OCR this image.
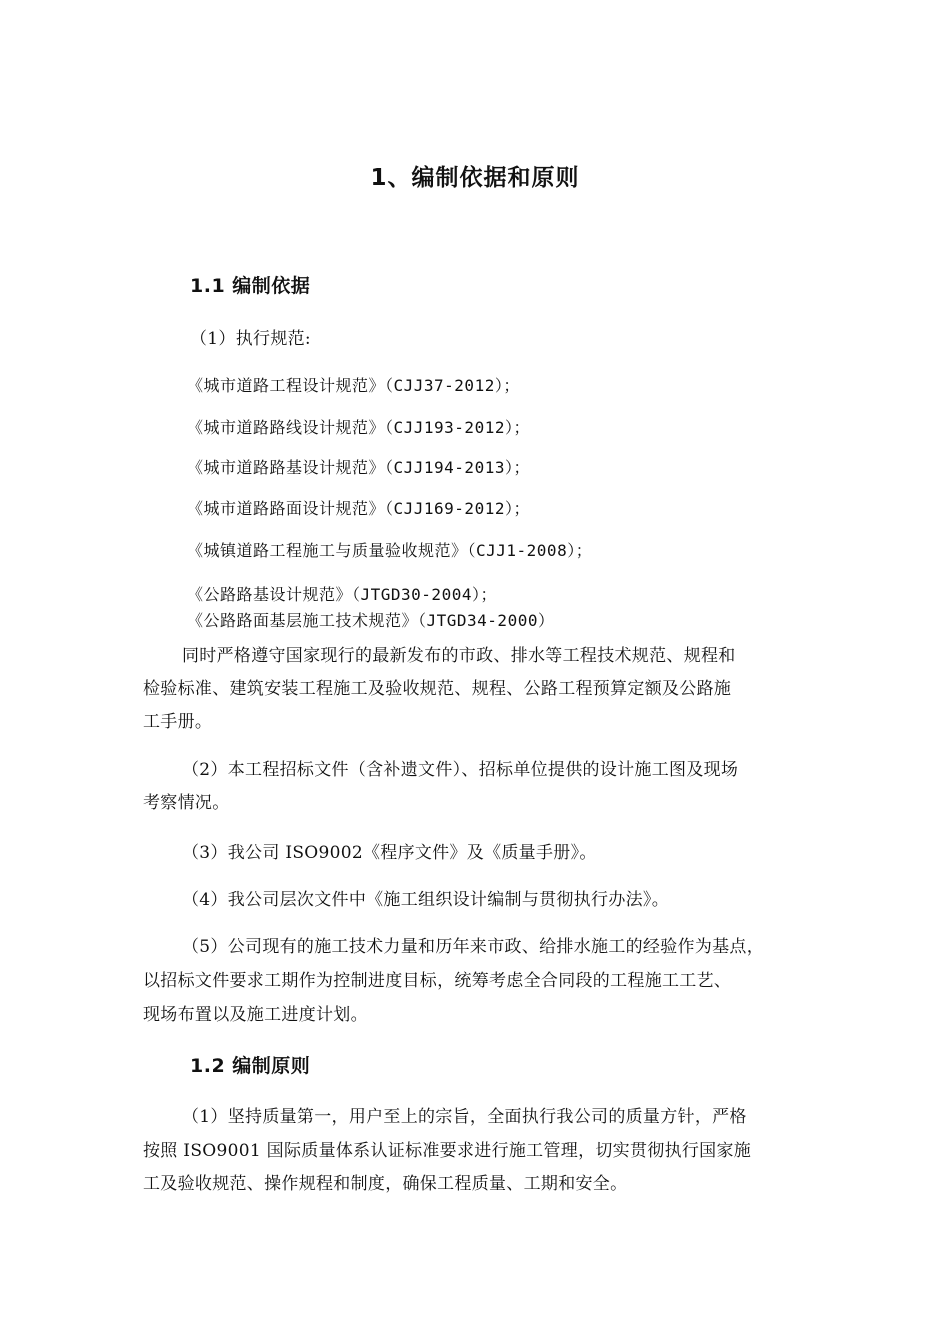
1、编制依据和原则
1.1 编制依据
（1）执行规范:
《城市道路工程设计规范》（CJJ37-2012）；
《城市道路路线设计规范》（CJJ193-2012）；
《城市道路路基设计规范》（CJJ194-2013）；
《城市道路路面设计规范》（CJJ169-2012）；
《城镇道路工程施工与质量验收规范》（CJJ1-2008）；
《公路路基设计规范》（JTGD30-2004）；
《公路路面基层施工技术规范》（JTGD34-2000）
同时严格遵守国家现行的最新发布的市政、排水等工程技术规范、规程和
检验标准、建筑安装工程施工及验收规范、规程、公路工程预算定额及公路施
工手册。
（2）本工程招标文件（含补遗文件）、招标单位提供的设计施工图及现场
考察情况。
（3）我公司 ISO9002《程序文件》及《质量手册》。
（4）我公司层次文件中《施工组织设计编制与贯彻执行办法》。
（5）公司现有的施工技术力量和历年来市政、给排水施工的经验作为基点，
以招标文件要求工期作为控制进度目标，统筹考虑全合同段的工程施工工艺、
现场布置以及施工进度计划。
1.2 编制原则
（1）坚持质量第一，用户至上的宗旨，全面执行我公司的质量方针，严格
按照 ISO9001 国际质量体系认证标准要求进行施工管理，切实贯彻执行国家施
工及验收规范、操作规程和制度，确保工程质量、工期和安全。
